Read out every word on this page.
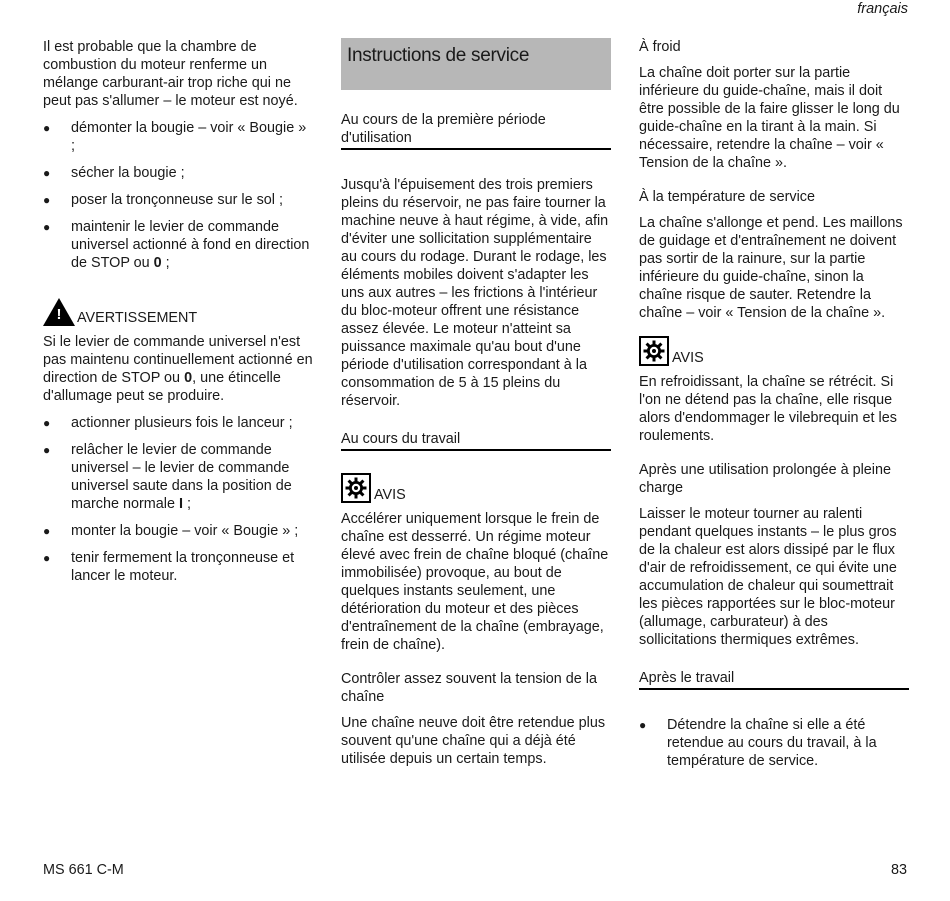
français

Il est probable que la chambre de combustion du moteur renferme un mélange carburant-air trop riche qui ne peut pas s'allumer – le moteur est noyé.

●	démonter la bougie – voir « Bougie » ;
●	sécher la bougie ;
●	poser la tronçonneuse sur le sol ;
●	maintenir le levier de commande universel actionné à fond en direction de STOP ou 0 ;
! AVERTISSEMENT

Si le levier de commande universel n'est pas maintenu continuellement actionné en direction de STOP ou 0, une étincelle d'allumage peut se produire.

●	actionner plusieurs fois le lanceur ;
●	relâcher le levier de commande universel – le levier de commande universel saute dans la position de marche normale I ;
●	monter la bougie – voir « Bougie » ;
●	tenir fermement la tronçonneuse et lancer le moteur.
Instructions de service
Au cours de la première période d'utilisation

Jusqu'à l'épuisement des trois premiers pleins du réservoir, ne pas faire tourner la machine neuve à haut régime, à vide, afin d'éviter une sollicitation supplémentaire au cours du rodage. Durant le rodage, les éléments mobiles doivent s'adapter les uns aux autres – les frictions à l'intérieur du bloc-moteur offrent une résistance assez élevée. Le moteur n'atteint sa puissance maximale qu'au bout d'une période d'utilisation correspondant à la consommation de 5 à 15 pleins du réservoir.

Au cours du travail
AVIS

Accélérer uniquement lorsque le frein de chaîne est desserré. Un régime moteur élevé avec frein de chaîne bloqué (chaîne immobilisée) provoque, au bout de quelques instants seulement, une détérioration du moteur et des pièces d'entraînement de la chaîne (embrayage, frein de chaîne).

Contrôler assez souvent la tension de la chaîne

Une chaîne neuve doit être retendue plus souvent qu'une chaîne qui a déjà été utilisée depuis un certain temps.

À froid

La chaîne doit porter sur la partie inférieure du guide-chaîne, mais il doit être possible de la faire glisser le long du guide-chaîne en la tirant à la main. Si nécessaire, retendre la chaîne – voir « Tension de la chaîne ».

À la température de service

La chaîne s'allonge et pend. Les maillons de guidage et d'entraînement ne doivent pas sortir de la rainure, sur la partie inférieure du guide-chaîne, sinon la chaîne risque de sauter. Retendre la chaîne – voir « Tension de la chaîne ».

AVIS

En refroidissant, la chaîne se rétrécit. Si l'on ne détend pas la chaîne, elle risque alors d'endommager le vilebrequin et les roulements.

Après une utilisation prolongée à pleine charge

Laisser le moteur tourner au ralenti pendant quelques instants – le plus gros de la chaleur est alors dissipé par le flux d'air de refroidissement, ce qui évite une accumulation de chaleur qui soumettrait les pièces rapportées sur le bloc-moteur (allumage, carburateur) à des sollicitations thermiques extrêmes.

Après le travail
●	Détendre la chaîne si elle a été retendue au cours du travail, à la température de service.
MS 661 C-M	83
